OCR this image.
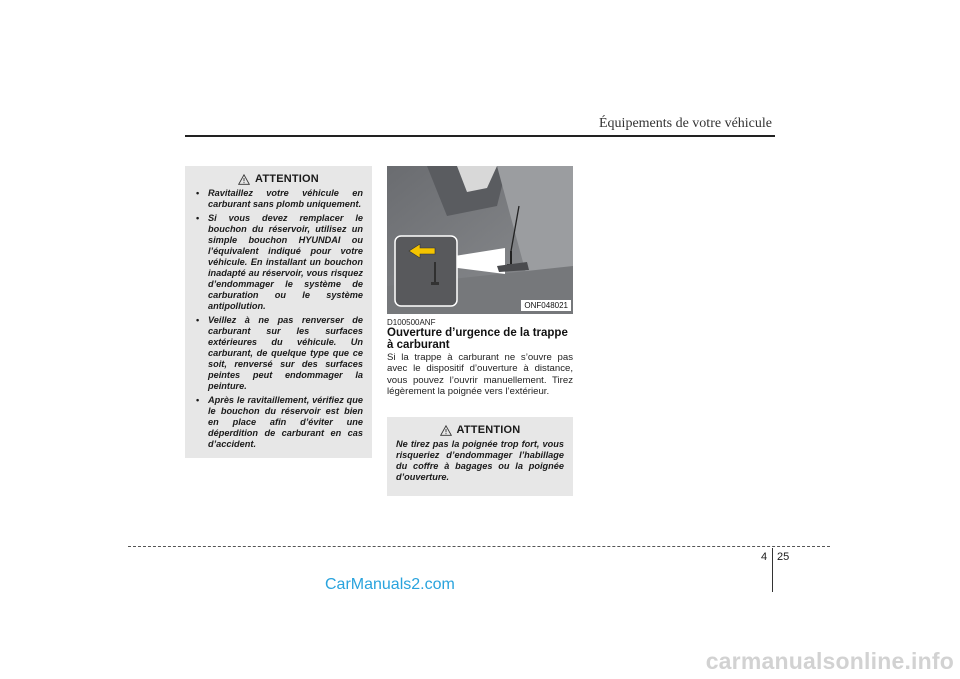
Équipements de votre véhicule
ATTENTION
• Ravitaillez votre véhicule en carburant sans plomb uniquement.
• Si vous devez remplacer le bouchon du réservoir, utilisez un simple bouchon HYUNDAI ou l’équivalent indiqué pour votre véhicule. En installant un bouchon inadapté au réservoir, vous risquez d’endommager le système de carburation ou le système antipollution.
• Veillez à ne pas renverser de carburant sur les surfaces extérieures du véhicule. Un carburant, de quelque type que ce soit, renversé sur des surfaces peintes peut endommager la peinture.
• Après le ravitaillement, vérifiez que le bouchon du réservoir est bien en place afin d’éviter une déperdition de carburant en cas d’accident.
ONF048021
D100500ANF
Ouverture d’urgence de la trappe à carburant

Si la trappe à carburant ne s’ouvre pas avec le dispositif d’ouverture à distance, vous pouvez l’ouvrir manuellement. Tirez légèrement la poignée vers l’extérieur.

ATTENTION

Ne tirez pas la poignée trop fort, vous risqueriez d’endommager l’habillage du coffre à bagages ou la poignée d’ouverture.

4 25
CarManuals2.com
carmanualsonline.info
